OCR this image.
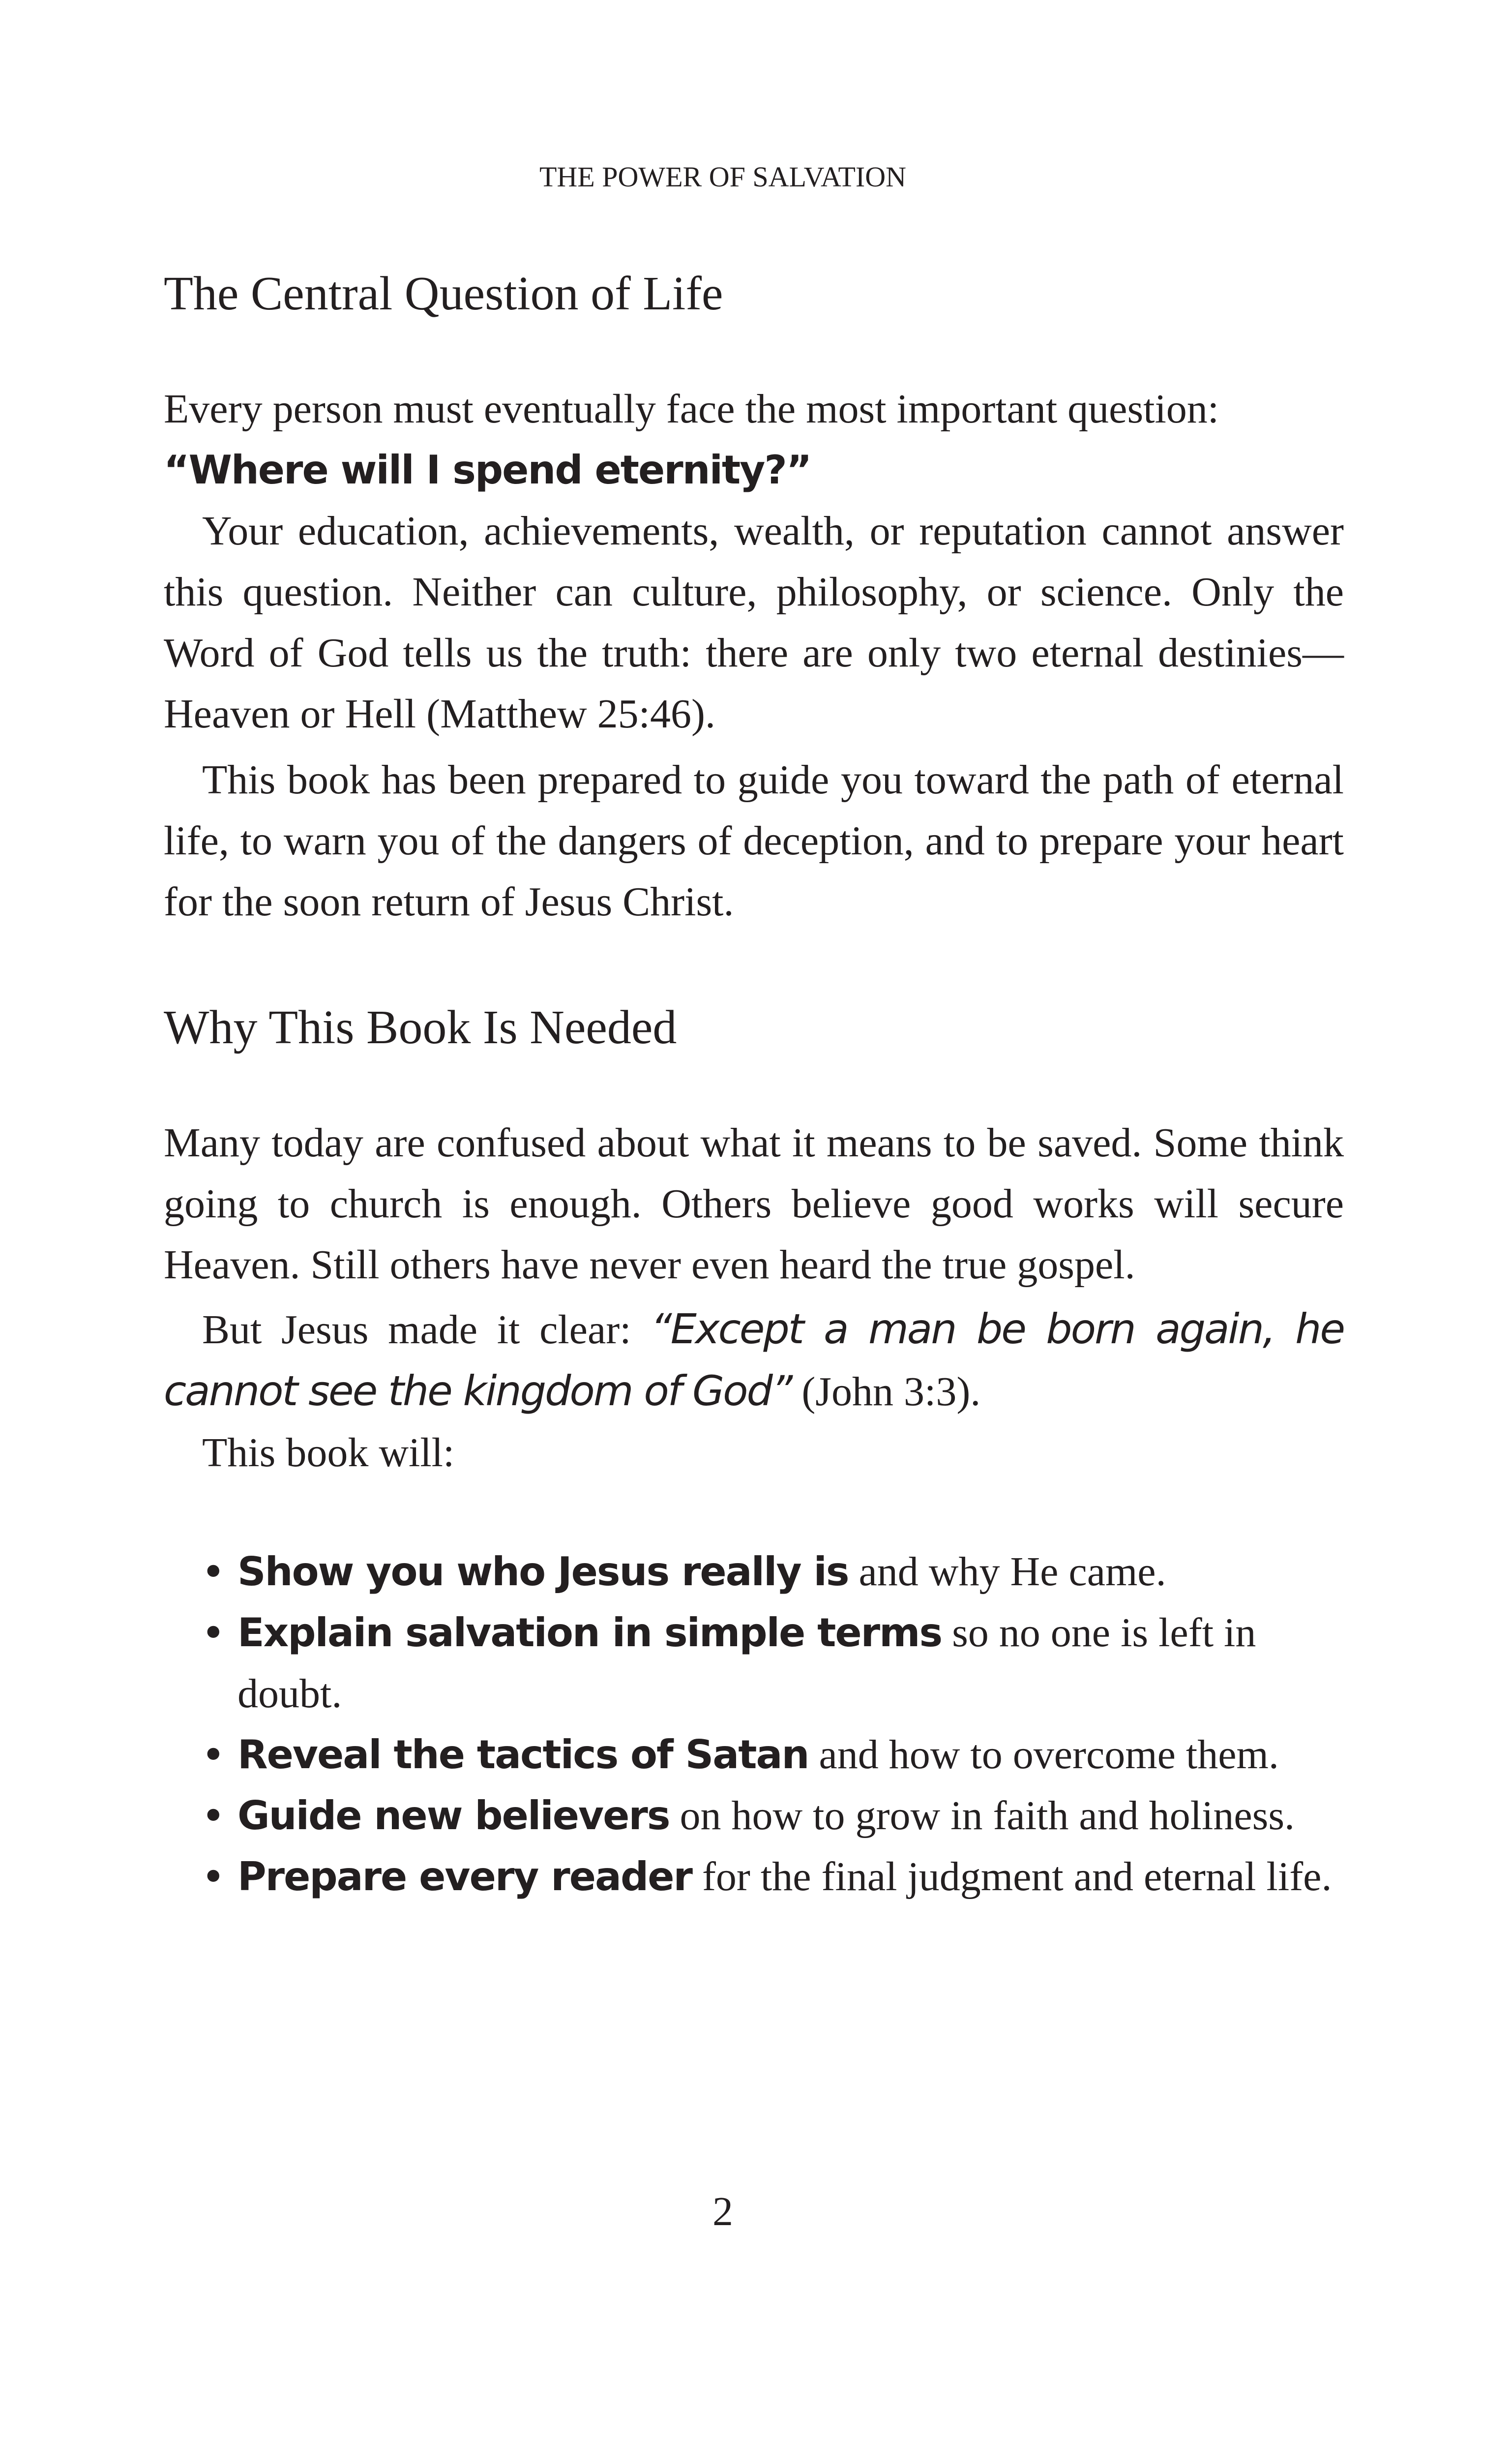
THE POWER OF SALVATION
The Central Question of Life

Every person must eventually face the most important question:

“Where will I spend eternity?”

Your education, achievements, wealth, or reputation cannot answer this question. Neither can culture, philosophy, or science. Only the Word of God tells us the truth: there are only two eternal destinies—Heaven or Hell (Matthew 25:46).

This book has been prepared to guide you toward the path of eternal life, to warn you of the dangers of deception, and to prepare your heart for the soon return of Jesus Christ.

Why This Book Is Needed

Many today are confused about what it means to be saved. Some think going to church is enough. Others believe good works will secure Heaven. Still others have never even heard the true gospel.

But Jesus made it clear: “Except a man be born again, he cannot see the kingdom of God” (John 3:3).

This book will:

• Show you who Jesus really is and why He came.
• Explain salvation in simple terms so no one is left in doubt.
• Reveal the tactics of Satan and how to overcome them.
• Guide new believers on how to grow in faith and holiness.
• Prepare every reader for the final judgment and eternal life.
2
